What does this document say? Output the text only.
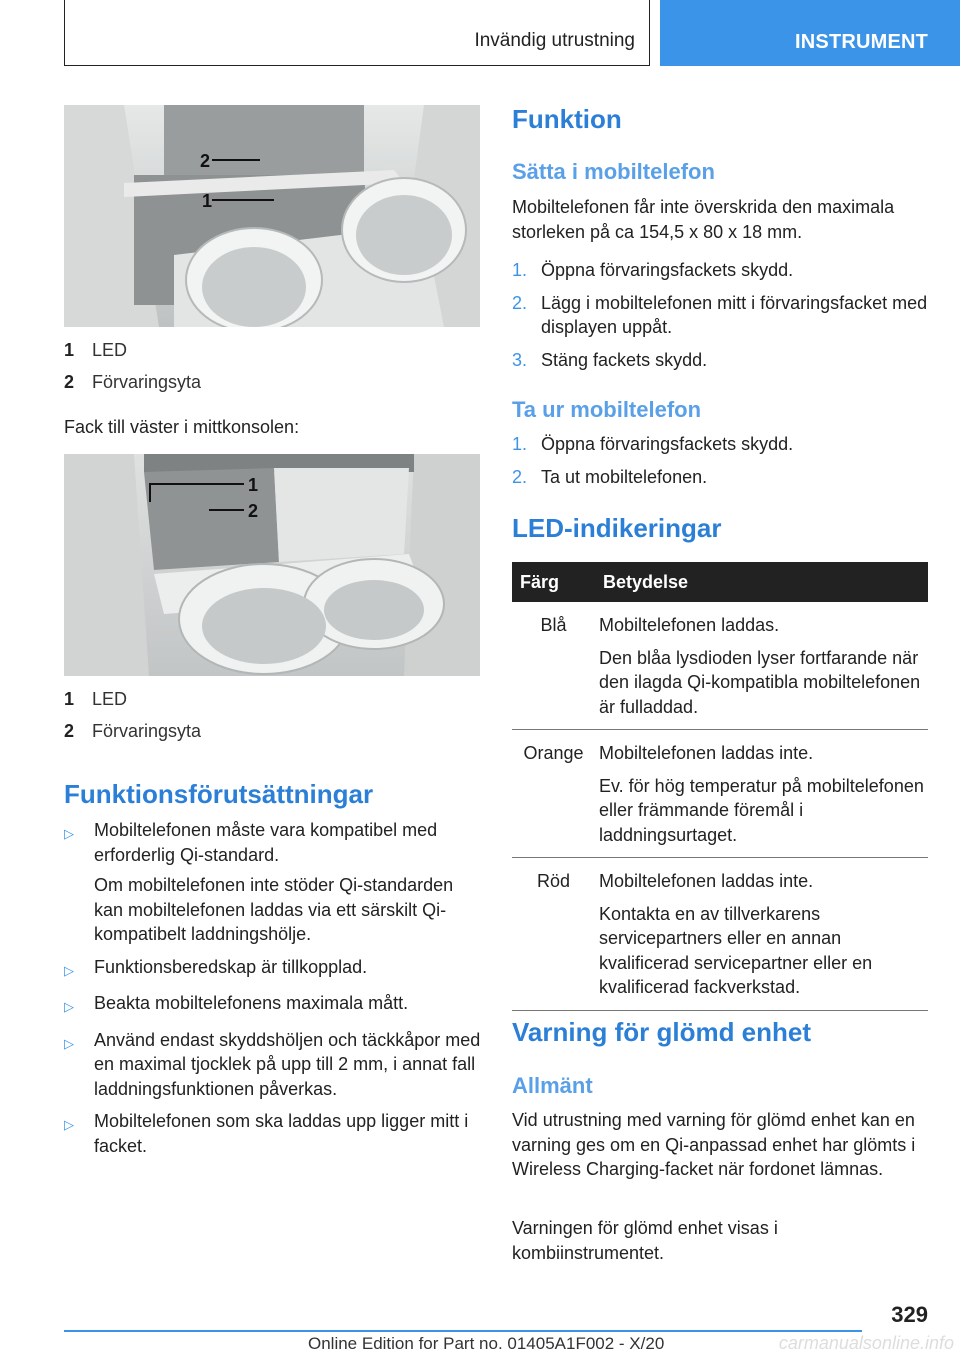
Invändig utrustning	INSTRUMENT
2
1
1 LED
2 Förvaringsyta
Fack till väster i mittkonsolen:
1
2
1 LED
2 Förvaringsyta
Funktionsförutsättningar
▷	Mobiltelefonen måste vara kompatibel med erforderlig Qi-standard.
Om mobiltelefonen inte stöder Qi-standarden kan mobiltelefonen laddas via ett särskilt Qi-kompatibelt laddningshölje.
▷	Funktionsberedskap är tillkopplad.
▷	Beakta mobiltelefonens maximala mått.
▷	Använd endast skyddshöljen och täckkåpor med en maximal tjocklek på upp till 2 mm, i annat fall laddningsfunktionen påverkas.
▷	Mobiltelefonen som ska laddas upp ligger mitt i facket.
Funktion
Sätta i mobiltelefon
Mobiltelefonen får inte överskrida den maximala storleken på ca 154,5 x 80 x 18 mm.
1. Öppna förvaringsfackets skydd.
2. Lägg i mobiltelefonen mitt i förvaringsfacket med displayen uppåt.
3. Stäng fackets skydd.
Ta ur mobiltelefon
1. Öppna förvaringsfackets skydd.
2. Ta ut mobiltelefonen.
LED-indikeringar
Färg	Betydelse
Blå	Mobiltelefonen laddas.
Den blåa lysdioden lyser fortfarande när den ilagda Qi-kompatibla mobiltelefonen är fulladdad.

Orange	Mobiltelefonen laddas inte.
Ev. för hög temperatur på mobiltelefonen eller främmande föremål i laddningsurtaget.

Röd	Mobiltelefonen laddas inte.
Kontakta en av tillverkarens servicepartners eller en annan kvalificerad servicepartner eller en kvalificerad fackverkstad.
Varning för glömd enhet
Allmänt
Vid utrustning med varning för glömd enhet kan en varning ges om en Qi-anpassad enhet har glömts i Wireless Charging-facket när fordonet lämnas.
Varningen för glömd enhet visas i kombiinstrumentet.
329
Online Edition for Part no. 01405A1F002 - X/20	carmanualsonline.info
